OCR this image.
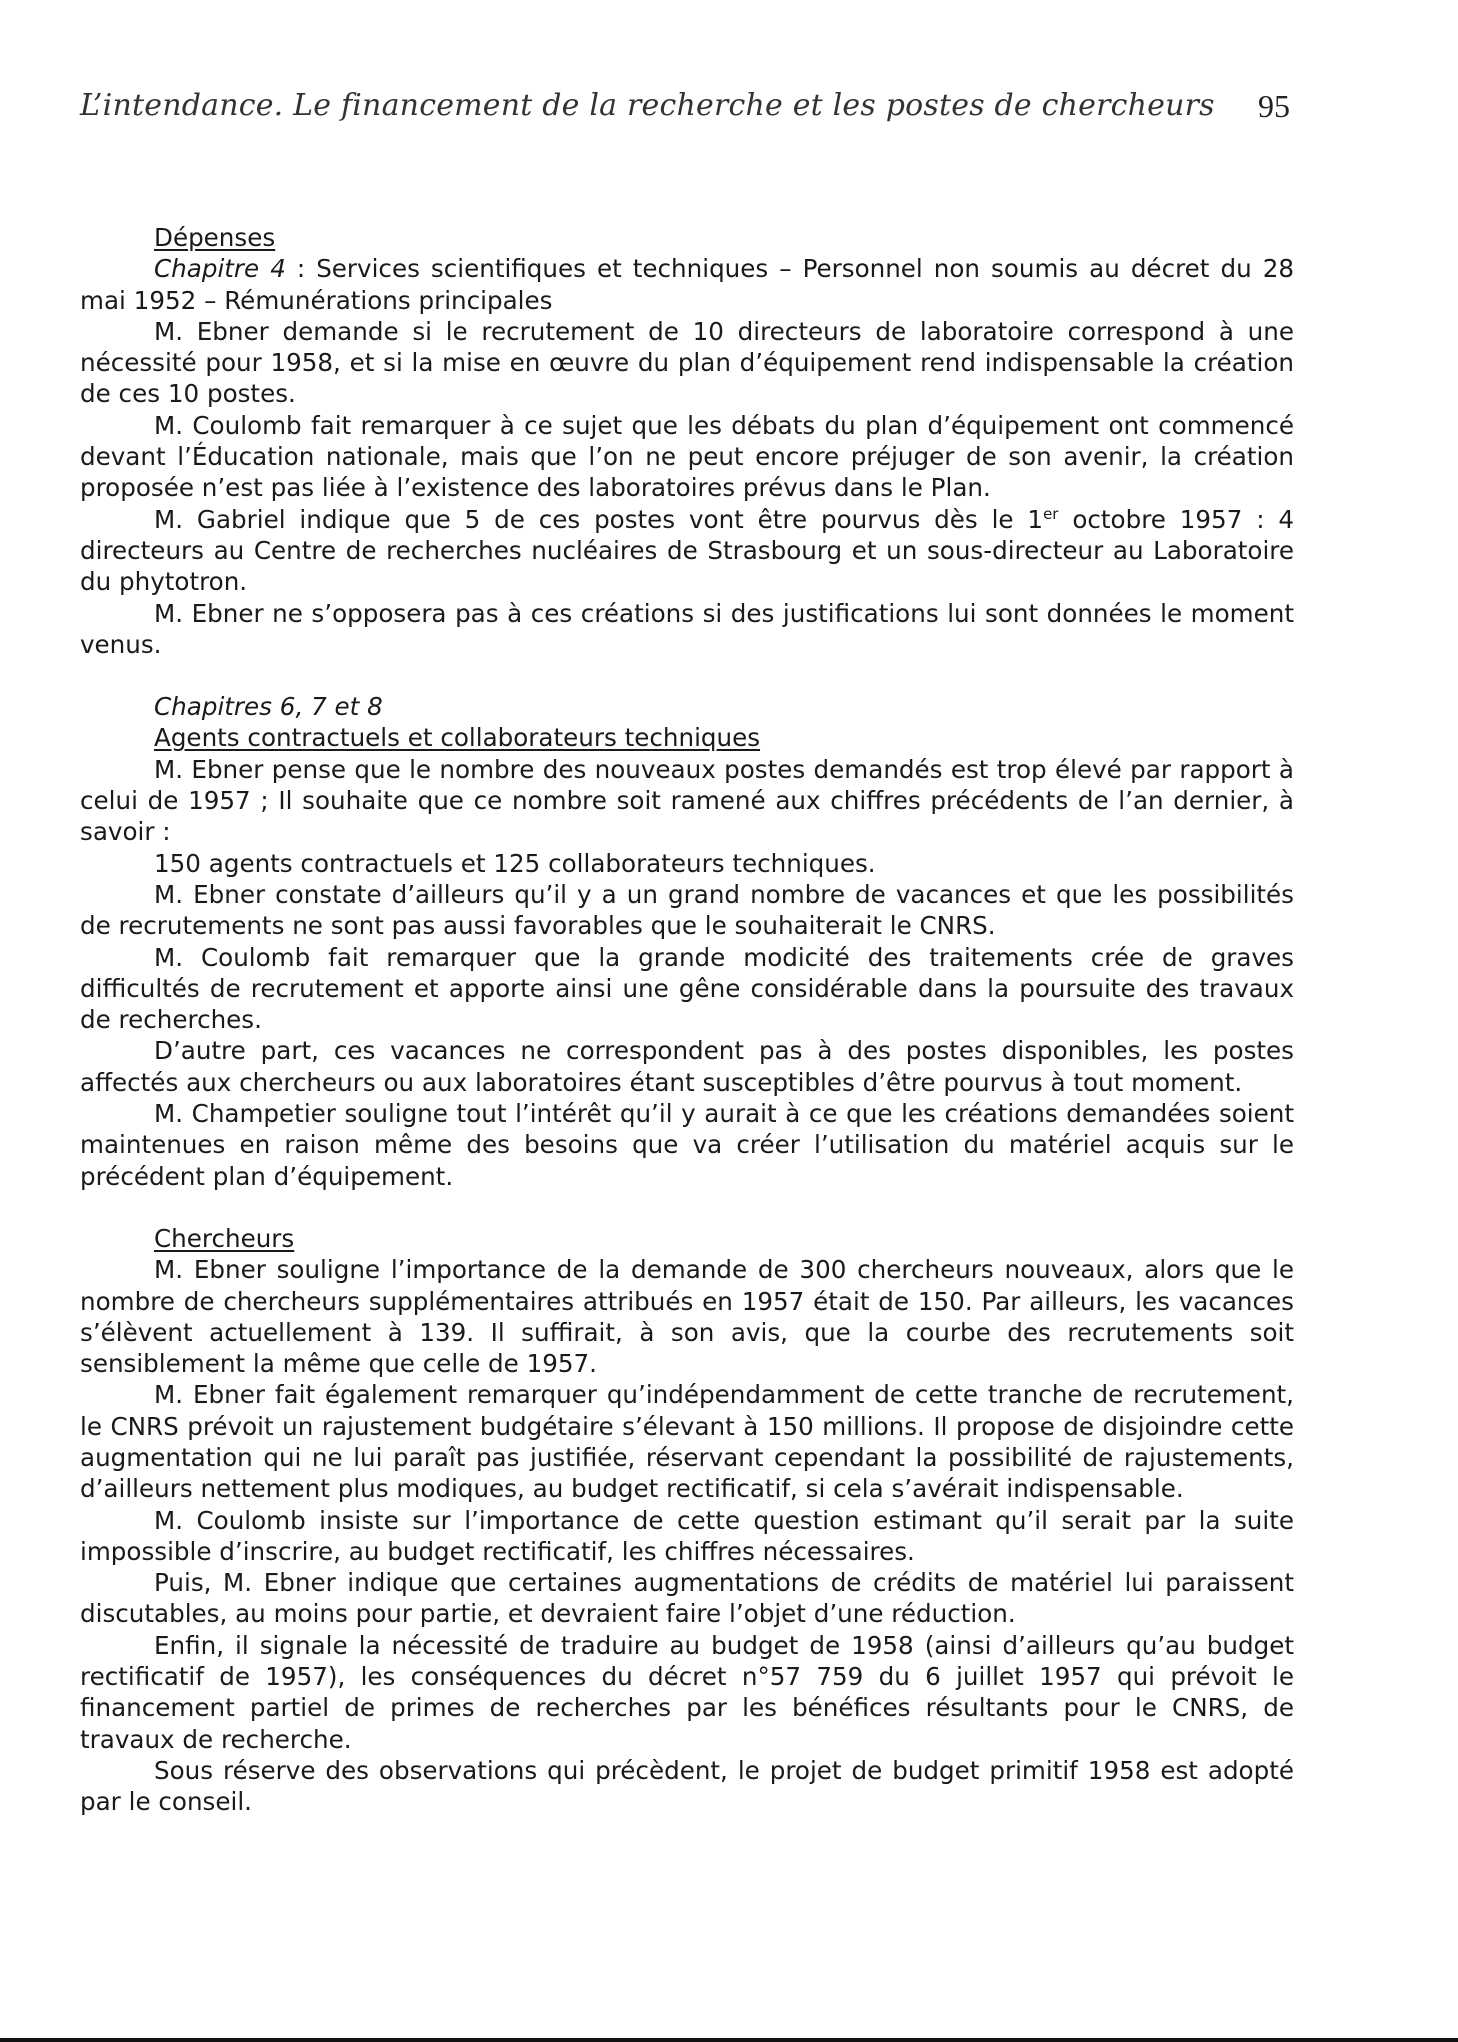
L’intendance. Le financement de la recherche et les postes de chercheurs	95

Dépenses

Chapitre 4 : Services scientifiques et techniques – Personnel non soumis au décret du 28 mai 1952 – Rémunérations principales

M. Ebner demande si le recrutement de 10 directeurs de laboratoire correspond à une nécessité pour 1958, et si la mise en œuvre du plan d’équipement rend indispensable la création de ces 10 postes.

M. Coulomb fait remarquer à ce sujet que les débats du plan d’équipement ont commencé devant l’Éducation nationale, mais que l’on ne peut encore préjuger de son avenir, la création proposée n’est pas liée à l’existence des laboratoires prévus dans le Plan.

M. Gabriel indique que 5 de ces postes vont être pourvus dès le 1er octobre 1957 : 4 directeurs au Centre de recherches nucléaires de Strasbourg et un sous-directeur au Laboratoire du phytotron.

M. Ebner ne s’opposera pas à ces créations si des justifications lui sont données le moment venus.

Chapitres 6, 7 et 8

Agents contractuels et collaborateurs techniques

M. Ebner pense que le nombre des nouveaux postes demandés est trop élevé par rapport à celui de 1957 ; Il souhaite que ce nombre soit ramené aux chiffres précédents de l’an dernier, à savoir :

150 agents contractuels et 125 collaborateurs techniques.

M. Ebner constate d’ailleurs qu’il y a un grand nombre de vacances et que les possibilités de recrutements ne sont pas aussi favorables que le souhaiterait le CNRS.

M. Coulomb fait remarquer que la grande modicité des traitements crée de graves difficultés de recrutement et apporte ainsi une gêne considérable dans la poursuite des travaux de recherches.

D’autre part, ces vacances ne correspondent pas à des postes disponibles, les postes affectés aux chercheurs ou aux laboratoires étant susceptibles d’être pourvus à tout moment.

M. Champetier souligne tout l’intérêt qu’il y aurait à ce que les créations demandées soient maintenues en raison même des besoins que va créer l’utilisation du matériel acquis sur le précédent plan d’équipement.

Chercheurs

M. Ebner souligne l’importance de la demande de 300 chercheurs nouveaux, alors que le nombre de chercheurs supplémentaires attribués en 1957 était de 150. Par ailleurs, les vacances s’élèvent actuellement à 139. Il suffirait, à son avis, que la courbe des recrutements soit sensiblement la même que celle de 1957.

M. Ebner fait également remarquer qu’indépendamment de cette tranche de recrutement, le CNRS prévoit un rajustement budgétaire s’élevant à 150 millions. Il propose de disjoindre cette augmentation qui ne lui paraît pas justifiée, réservant cependant la possibilité de rajustements, d’ailleurs nettement plus modiques, au budget rectificatif, si cela s’avérait indispensable.

M. Coulomb insiste sur l’importance de cette question estimant qu’il serait par la suite impossible d’inscrire, au budget rectificatif, les chiffres nécessaires.

Puis, M. Ebner indique que certaines augmentations de crédits de matériel lui paraissent discutables, au moins pour partie, et devraient faire l’objet d’une réduction.

Enfin, il signale la nécessité de traduire au budget de 1958 (ainsi d’ailleurs qu’au budget rectificatif de 1957), les conséquences du décret n°57 759 du 6 juillet 1957 qui prévoit le financement partiel de primes de recherches par les bénéfices résultants pour le CNRS, de travaux de recherche.

Sous réserve des observations qui précèdent, le projet de budget primitif 1958 est adopté par le conseil.
